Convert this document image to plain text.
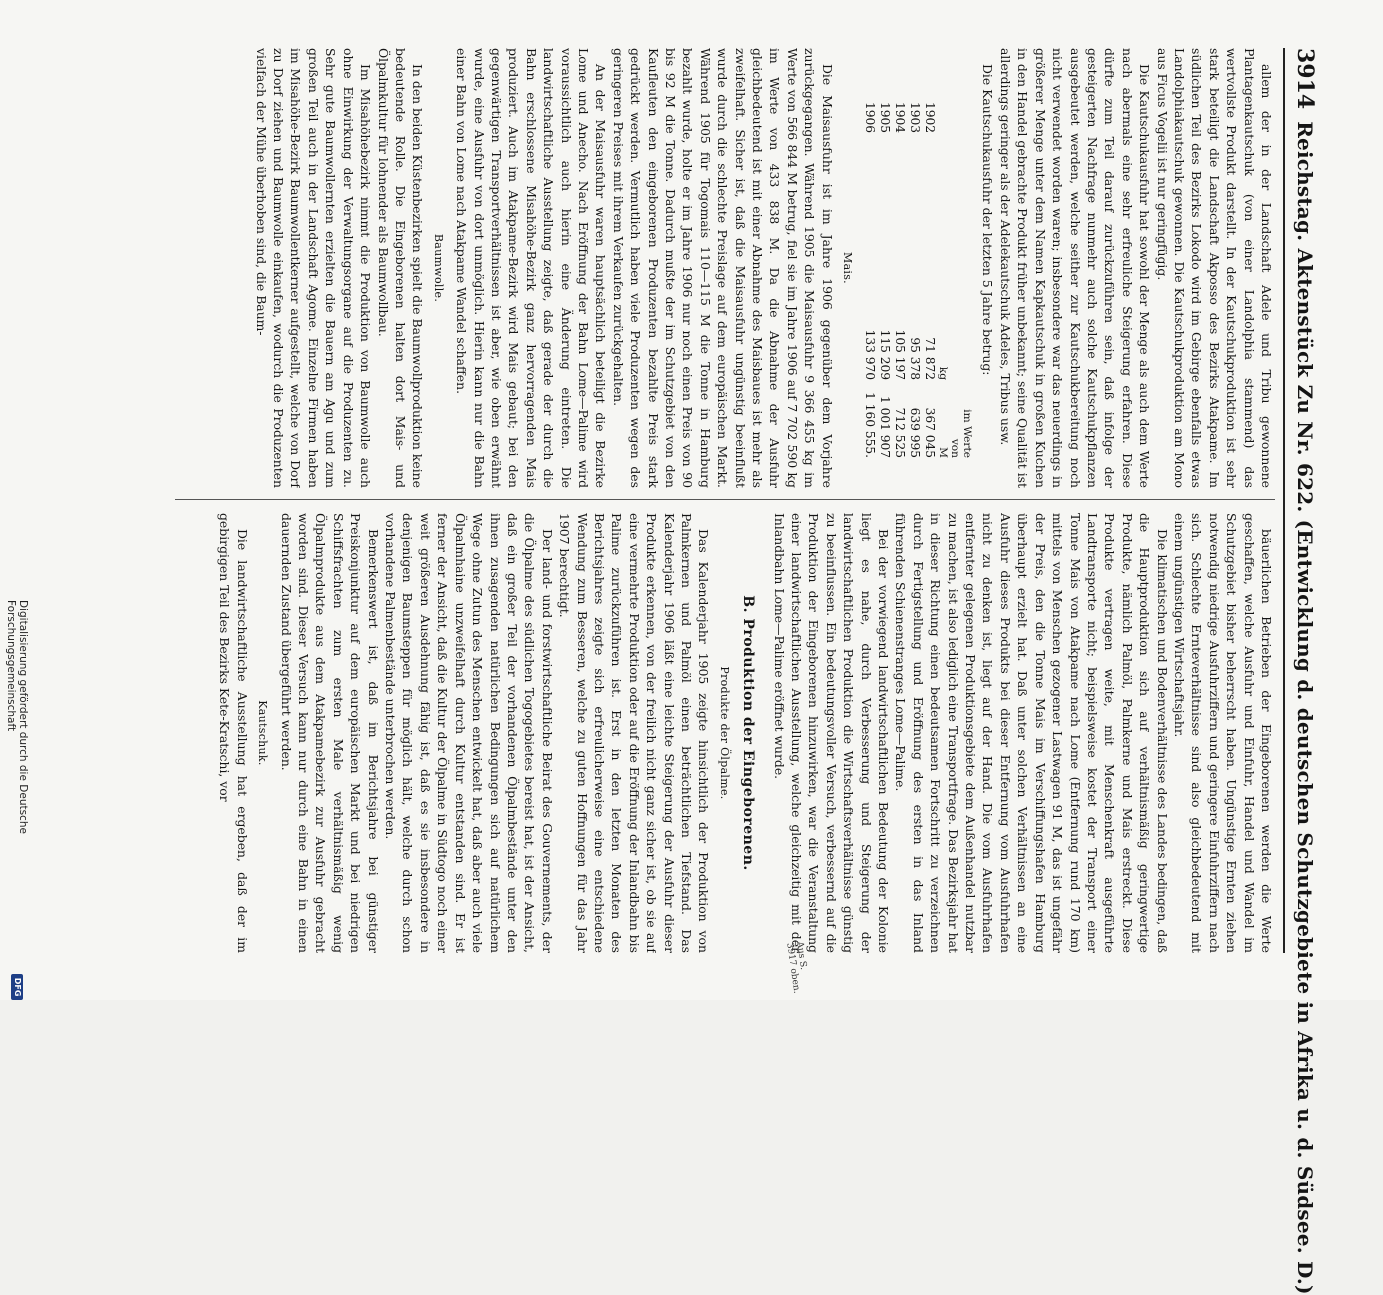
3914
Reichstag. Aktenstück Zu Nr. 622. (Entwicklung d. deutschen Schutzgebiete in Afrika u. d. Südsee. D.)

bäuerlichen Betrieben der Eingeborenen werden die Werte geschaffen, welche Ausfuhr und Einfuhr, Handel und Wandel im Schutzgebiet bisher beherrscht haben. Ungünstige Ernten ziehen notwendig niedrige Ausfuhrziffern und geringere Einfuhrziffern nach sich. Schlechte Ernteverhältnisse sind also gleichbedeutend mit einem ungünstigen Wirtschaftsjahr.

Die klimatischen und Bodenverhältnisse des Landes bedingen, daß die Hauptproduktion sich auf verhältnismäßig geringwertige Produkte, nämlich Palmöl, Palmkerne und Mais erstreckt. Diese Produkte vertragen weite, mit Menschenkraft ausgeführte Landtransporte nicht; beispielsweise kostet der Transport einer Tonne Mais von Atakpame nach Lome (Entfernung rund 170 km) mittels von Menschen gezogener Lastwagen 91 M, das ist ungefähr der Preis, den die Tonne Mais im Verschiffungshafen Hamburg überhaupt erzielt hat. Daß unter solchen Verhältnissen an eine Ausfuhr dieses Produkts bei dieser Entfernung vom Ausfuhrhafen nicht zu denken ist, liegt auf der Hand. Die vom Ausfuhrhafen entfernter gelegenen Produktionsgebiete dem Außenhandel nutzbar zu machen, ist also lediglich eine Transportfrage. Das Bezirksjahr hat in dieser Richtung einen bedeutsamen Fortschritt zu verzeichnen durch Fertigstellung und Eröffnung des ersten in das Inland führenden Schienenstranges Lome—Palime.

Bei der vorwiegend landwirtschaftlichen Bedeutung der Kolonie liegt es nahe, durch Verbesserung und Steigerung der landwirtschaftlichen Produktion die Wirtschaftsverhältnisse günstig zu beeinflussen. Ein bedeutungsvoller Versuch, verbessernd auf die Produktion der Eingeborenen hinzuwirken, war die Veranstaltung einer landwirtschaftlichen Ausstellung, welche gleichzeitig mit der Inlandbahn Lome—Palime eröffnet wurde.

B. Produktion der Eingeborenen.
Produkte der Ölpalme.

Das Kalenderjahr 1905 zeigte hinsichtlich der Produktion von Palmkernen und Palmöl einen beträchtlichen Tiefstand. Das Kalenderjahr 1906 läßt eine leichte Steigerung der Ausfuhr dieser Produkte erkennen, von der freilich nicht ganz sicher ist, ob sie auf eine vermehrte Produktion oder auf die Eröffnung der Inlandbahn bis Palime zurückzuführen ist. Erst in den letzten Monaten des Berichtsjahres zeigte sich erfreulicherweise eine entschiedene Wendung zum Besseren, welche zu guten Hoffnungen für das Jahr 1907 berechtigt.

Der land- und forstwirtschaftliche Beirat des Gouvernements, der die Ölpalme des südlichen Togogebietes bereist hat, ist der Ansicht, daß ein großer Teil der vorhandenen Ölpalmbestände unter den ihnen zusagenden natürlichen Bedingungen sich auf natürlichem Wege ohne Zutun des Menschen entwickelt hat, daß aber auch viele Ölpalmhaine unzweifelhaft durch Kultur entstanden sind. Er ist ferner der Ansicht, daß die Kultur der Ölpalme in Südtogo noch einer weit größeren Ausdehnung fähig ist, daß es sie insbesondere in denjenigen Baumsteppen für möglich hält, welche durch schon vorhandene Palmenbestände unterbrochen werden.

Bemerkenswert ist, daß im Berichtsjahre bei günstiger Preiskonjunktur auf dem europäischen Markt und bei niedrigen Schiffsfrachten zum ersten Male verhältnismäßig wenig Ölpalmprodukte aus dem Atakpamebezirk zur Ausfuhr gebracht worden sind. Dieser Versuch kann nur durch eine Bahn in einen dauernden Zustand übergeführt werden.

Kautschuk.

Die landwirtschaftliche Ausstellung hat ergeben, daß der im gebirgigen Teil des Bezirks Kete-Kratschi, vor

allem der in der Landschaft Adele und Tribu gewonnene Plantagenkautschuk (von einer Landolphia stammend) das wertvollste Produkt darstellt. In der Kautschukproduktion ist sehr stark beteiligt die Landschaft Akposso des Bezirks Atakpame. Im südlichen Teil des Bezirks Lokodo wird im Gebirge ebenfalls etwas Landolphiakautschuk gewonnen. Die Kautschukproduktion am Mono aus Ficus Vogelii ist nur geringfügig.

Die Kautschukausfuhr hat sowohl der Menge als auch dem Werte nach abermals eine sehr erfreuliche Steigerung erfahren. Diese dürfte zum Teil darauf zurückzuführen sein, daß infolge der gesteigerten Nachfrage nunmehr auch solche Kautschukpflanzen ausgebeutet werden, welche seither zur Kautschukbereitung noch nicht verwendet worden waren; insbesondere war das neuerdings in größerer Menge unter dem Namen Kapkautschuk in großen Kuchen in den Handel gebrachte Produkt früher unbekannt; seine Qualität ist allerdings geringer als der Adelekautschuk Adeles, Tribus usw.

Die Kautschukausfuhr der letzten 5 Jahre betrug:

		im Werte von
	kg	M
1902	71 872	367 045
1903	95 378	639 995
1904	105 197	712 525
1905	115 209	1 001 907
1906	133 970	1 160 555.
Mais.

Die Maisausfuhr ist im Jahre 1906 gegenüber dem Vorjahre zurückgegangen. Während 1905 die Maisausfuhr 9 366 455 kg im Werte von 566 844 M betrug, fiel sie im Jahre 1906 auf 7 702 590 kg im Werte von 433 838 M. Da die Abnahme der Ausfuhr gleichbedeutend ist mit einer Abnahme des Maisbaues ist mehr als zweifelhaft. Sicher ist, daß die Maisausfuhr ungünstig beeinflußt wurde durch die schlechte Preislage auf dem europäischen Markt. Während 1905 für Togomais 110—115 M die Tonne in Hamburg bezahlt wurde, holte er im Jahre 1906 nur noch einen Preis von 90 bis 92 M die Tonne. Dadurch mußte der im Schutzgebiet von den Kaufleuten den eingeborenen Produzenten bezahlte Preis stark gedrückt werden. Vermutlich haben viele Produzenten wegen des geringeren Preises mit ihrem Verkaufen zurückgehalten.

An der Maisausfuhr waren hauptsächlich beteiligt die Bezirke Lome und Anecho. Nach Eröffnung der Bahn Lome—Palime wird voraussichtlich auch hierin eine Änderung eintreten. Die landwirtschaftliche Ausstellung zeigte, daß gerade der durch die Bahn erschlossene Misahöhe-Bezirk ganz hervorragenden Mais produziert. Auch im Atakpame-Bezirk wird Mais gebaut; bei den gegenwärtigen Transportverhältnissen ist aber, wie oben erwähnt wurde, eine Ausfuhr von dort unmöglich. Hierin kann nur die Bahn einer Bahn von Lome nach Atakpame Wandel schaffen.

Baumwolle.

In den beiden Küstenbezirken spielt die Baumwollproduktion keine bedeutende Rolle. Die Eingeborenen halten dort Mais- und Ölpalmkultur für lohnender als Baumwollbau.

Im Misahöhebezirk nimmt die Produktion von Baumwolle auch ohne Einwirkung der Verwaltungsorgane auf die Produzenten zu. Sehr gute Baumwollernten erzielten die Bauern am Agu und zum großen Teil auch in der Landschaft Agome. Einzelne Firmen haben im Misahöhe-Bezirk Baumwollentkerner aufgestellt, welche von Dorf zu Dorf ziehen und Baumwolle einkaufen, wodurch die Produzenten vielfach der Mühe überhoben sind, die Baum-

Aus S. 3917 oben.
Digitalisierung gefördert durch die Deutsche Forschungsgemeinschaft
DFG
